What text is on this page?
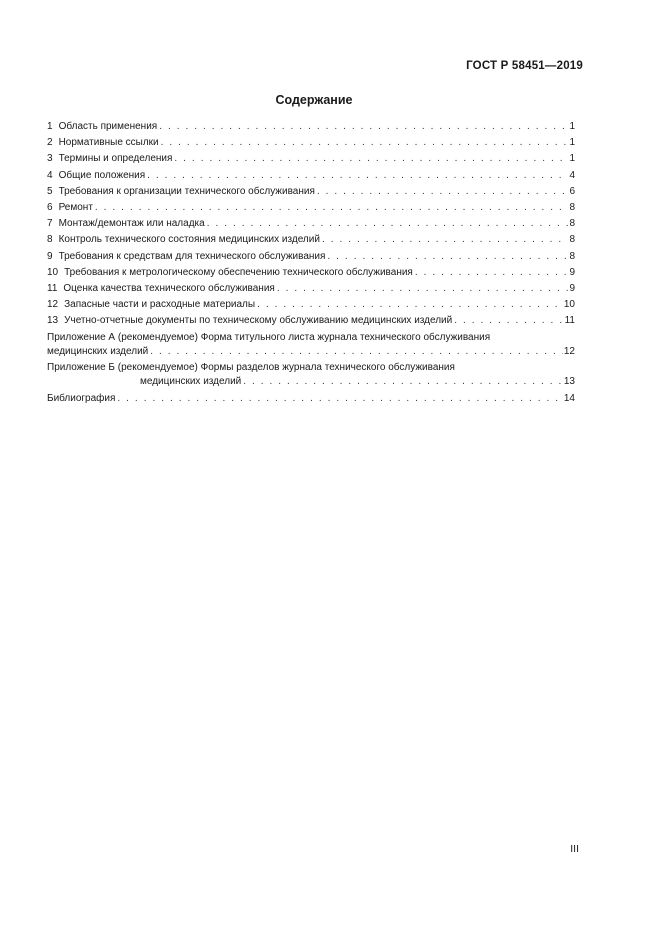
ГОСТ Р 58451—2019
Содержание
1 Область применения . . .	1
2 Нормативные ссылки . . .	1
3 Термины и определения . . .	1
4 Общие положения . . .	4
5 Требования к организации технического обслуживания . . .	6
6 Ремонт . . .	8
7 Монтаж/демонтаж или наладка . . .	8
8 Контроль технического состояния медицинских изделий . . .	8
9 Требования к средствам для технического обслуживания . . .	8
10 Требования к метрологическому обеспечению технического обслуживания . . .	9
11 Оценка качества технического обслуживания . . .	9
12 Запасные части и расходные материалы . . .	10
13 Учетно-отчетные документы по техническому обслуживанию медицинских изделий . . .	11
Приложение А (рекомендуемое) Форма титульного листа журнала технического обслуживания
медицинских изделий . . .	12
Приложение Б (рекомендуемое) Формы разделов журнала технического обслуживания
медицинских изделий . . .	13
Библиография . . .	14
III
